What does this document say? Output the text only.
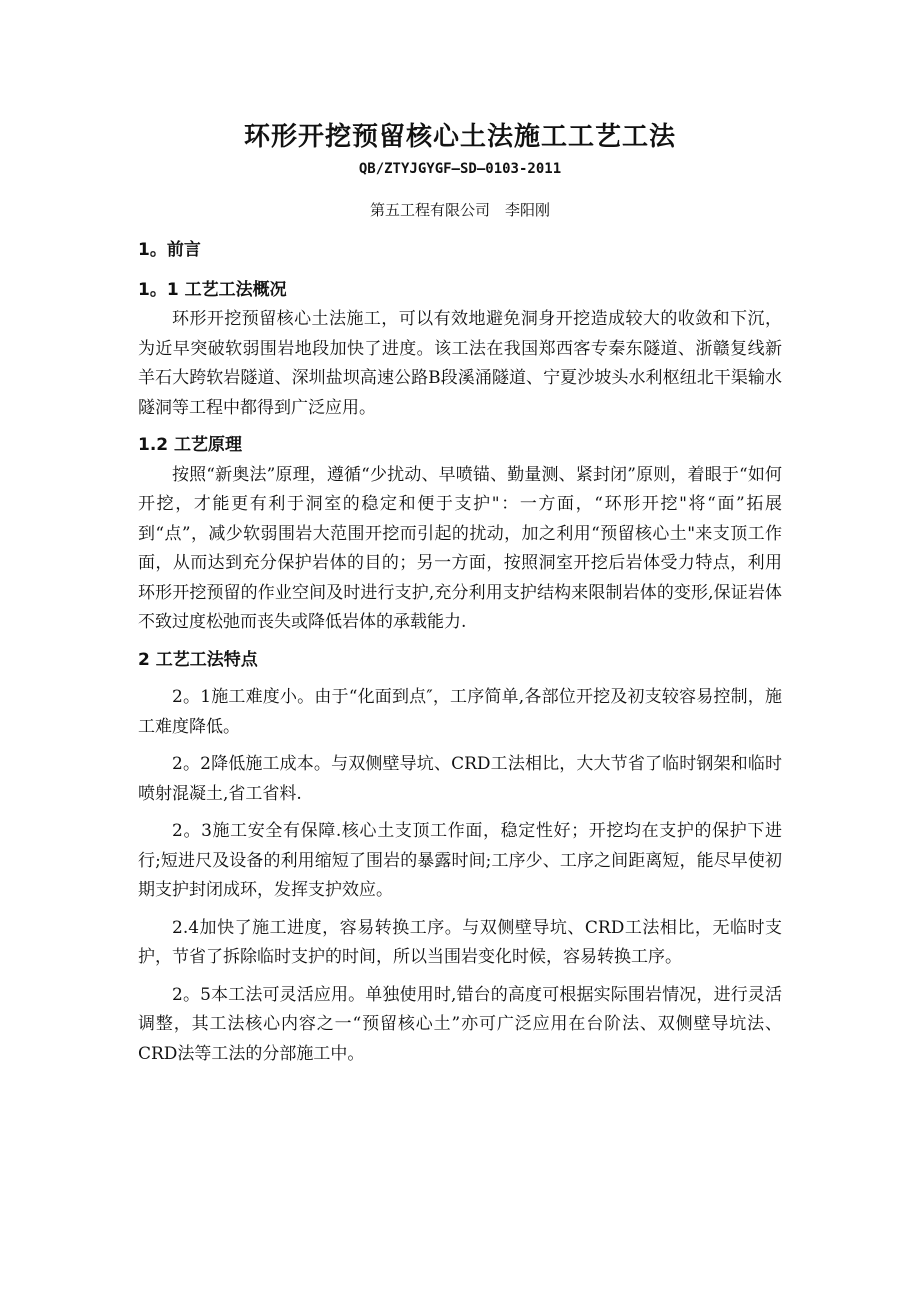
环形开挖预留核心土法施工工艺工法
QB/ZTYJGYGF—SD—0103-2011
第五工程有限公司　李阳刚
1。前言
1。1 工艺工法概况

环形开挖预留核心土法施工，可以有效地避免洞身开挖造成较大的收敛和下沉，为近早突破软弱围岩地段加快了进度。该工法在我国郑西客专秦东隧道、浙赣复线新羊石大跨软岩隧道、深圳盐坝高速公路B段溪涌隧道、宁夏沙坡头水利枢纽北干渠输水隧洞等工程中都得到广泛应用。

1.2 工艺原理

按照“新奥法”原理，遵循“少扰动、早喷锚、勤量测、紧封闭”原则，着眼于“如何开挖，才能更有利于洞室的稳定和便于支护"：一方面，“环形开挖"将“面”拓展到“点”，减少软弱围岩大范围开挖而引起的扰动，加之利用“预留核心土"来支顶工作面，从而达到充分保护岩体的目的；另一方面，按照洞室开挖后岩体受力特点，利用环形开挖预留的作业空间及时进行支护,充分利用支护结构来限制岩体的变形,保证岩体不致过度松弛而丧失或降低岩体的承载能力.

2 工艺工法特点

2。1施工难度小。由于“化面到点″，工序简单,各部位开挖及初支较容易控制，施工难度降低。

2。2降低施工成本。与双侧壁导坑、CRD工法相比，大大节省了临时钢架和临时喷射混凝土,省工省料.

2。3施工安全有保障.核心土支顶工作面，稳定性好；开挖均在支护的保护下进行;短进尺及设备的利用缩短了围岩的暴露时间;工序少、工序之间距离短，能尽早使初期支护封闭成环，发挥支护效应。

2.4加快了施工进度，容易转换工序。与双侧壁导坑、CRD工法相比，无临时支护，节省了拆除临时支护的时间，所以当围岩变化时候，容易转换工序。

2。5本工法可灵活应用。单独使用时,错台的高度可根据实际围岩情况，进行灵活调整，其工法核心内容之一“预留核心土”亦可广泛应用在台阶法、双侧壁导坑法、CRD法等工法的分部施工中。
